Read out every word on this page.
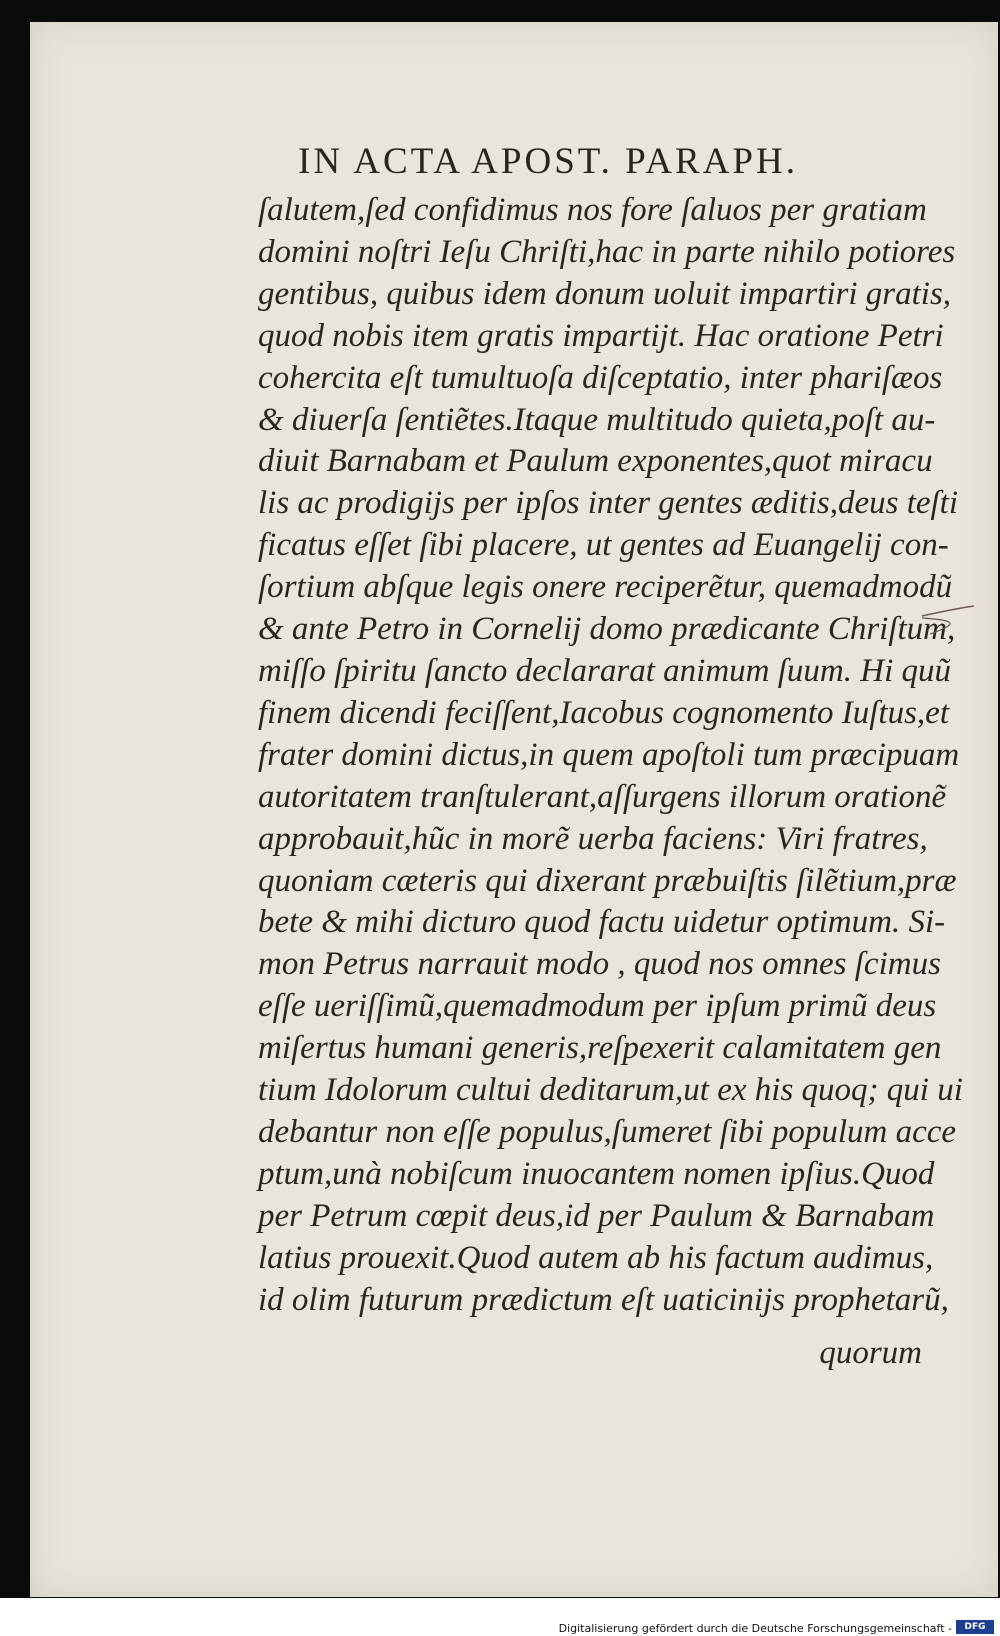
IN ACTA APOST. PARAPH.
ſalutem,ſed confidimus nos fore ſaluos per gratiam
domini noſtri Ieſu Chriſti,hac in parte nihilo potiores
gentibus, quibus idem donum uoluit impartiri gratis,
quod nobis item gratis impartijt. Hac oratione Petri
cohercita eſt tumultuoſa diſceptatio, inter phariſæos
& diuerſa ſentiẽtes.Itaque multitudo quieta,poſt au-
diuit Barnabam et Paulum exponentes,quot miracu
lis ac prodigijs per ipſos inter gentes æditis,deus teſti
ficatus eſſet ſibi placere, ut gentes ad Euangelij con-
ſortium abſque legis onere reciperẽtur, quemadmodũ
& ante Petro in Cornelij domo prædicante Chriſtum,
miſſo ſpiritu ſancto declararat animum ſuum. Hi quũ
finem dicendi feciſſent,Iacobus cognomento Iuſtus,et
frater domini dictus,in quem apoſtoli tum præcipuam
autoritatem tranſtulerant,aſſurgens illorum orationẽ
approbauit,hũc in morẽ uerba faciens: Viri fratres,
quoniam cæteris qui dixerant præbuiſtis ſilẽtium,præ
bete & mihi dicturo quod factu uidetur optimum. Si-
mon Petrus narrauit modo , quod nos omnes ſcimus
eſſe ueriſſimũ,quemadmodum per ipſum primũ deus
miſertus humani generis,reſpexerit calamitatem gen
tium Idolorum cultui deditarum,ut ex his quoq; qui ui
debantur non eſſe populus,ſumeret ſibi populum acce
ptum,unà nobiſcum inuocantem nomen ipſius.Quod
per Petrum cœpit deus,id per Paulum & Barnabam
latius prouexit.Quod autem ab his factum audimus,
id olim futurum prædictum eſt uaticinijs prophetarũ,
quorum
Digitalisierung gefördert durch die Deutsche Forschungsgemeinschaft -	DFG
